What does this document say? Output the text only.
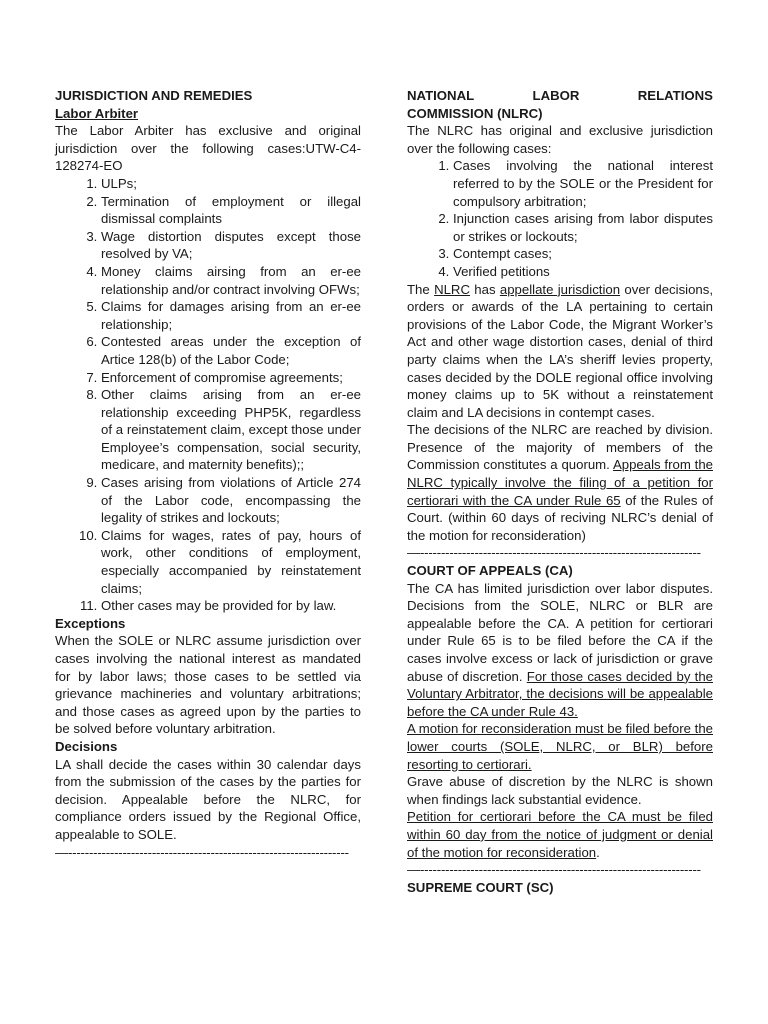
JURISDICTION AND REMEDIES
Labor Arbiter

The Labor Arbiter has exclusive and original jurisdiction over the following cases:UTW-C4-128274-EO

1. ULPs;
2. Termination of employment or illegal dismissal complaints
3. Wage distortion disputes except those resolved by VA;
4. Money claims airsing from an er-ee relationship and/or contract involving OFWs;
5. Claims for damages arising from an er-ee relationship;
6. Contested areas under the exception of Artice 128(b) of the Labor Code;
7. Enforcement of compromise agreements;
8. Other claims arising from an er-ee relationship exceeding PHP5K, regardless of a reinstatement claim, except those under Employee’s compensation, social security, medicare, and maternity benefits);;
9. Cases arising from violations of Article 274 of the Labor code, encompassing the legality of strikes and lockouts;
10. Claims for wages, rates of pay, hours of work, other conditions of employment, especially accompanied by reinstatement claims;
11. Other cases may be provided for by law.
Exceptions

When the SOLE or NLRC assume jurisdiction over cases involving the national interest as mandated for by labor laws; those cases to be settled via grievance machineries and voluntary arbitrations; and those cases as agreed upon by the parties to be solved before voluntary arbitration.

Decisions

LA shall decide the cases within 30 calendar days from the submission of the cases by the parties for decision. Appealable before the NLRC, for compliance orders issued by the Regional Office, appealable to SOLE.

—-------------------------------------------------------------------
NATIONAL	LABOR	RELATIONS
COMMISSION (NLRC)

The NLRC has original and exclusive jurisdiction over the following cases:

1. Cases involving the national interest referred to by the SOLE or the President for compulsory arbitration;
2. Injunction cases arising from labor disputes or strikes or lockouts;
3. Contempt cases;
4. Verified petitions

The NLRC has appellate jurisdiction over decisions, orders or awards of the LA pertaining to certain provisions of the Labor Code, the Migrant Worker’s Act and other wage distortion cases, denial of third party claims when the LA’s sheriff levies property, cases decided by the DOLE regional office involving money claims up to 5K without a reinstatement claim and LA decisions in contempt cases.

The decisions of the NLRC are reached by division. Presence of the majority of members of the Commission constitutes a quorum. Appeals from the NLRC typically involve the filing of a petition for certiorari with the CA under Rule 65 of the Rules of Court. (within 60 days of reciving NLRC’s denial of the motion for reconsideration)

—-------------------------------------------------------------------
COURT OF APPEALS (CA)

The CA has limited jurisdiction over labor disputes. Decisions from the SOLE, NLRC or BLR are appealable before the CA. A petition for certiorari under Rule 65 is to be filed before the CA if the cases involve excess or lack of jurisdiction or grave abuse of discretion. For those cases decided by the Voluntary Arbitrator, the decisions will be appealable before the CA under Rule 43.

A motion for reconsideration must be filed before the lower courts (SOLE, NLRC, or BLR) before resorting to certiorari.

Grave abuse of discretion by the NLRC is shown when findings lack substantial evidence.

Petition for certiorari before the CA must be filed within 60 day from the notice of judgment or denial of the motion for reconsideration.

—-------------------------------------------------------------------
SUPREME COURT (SC)
